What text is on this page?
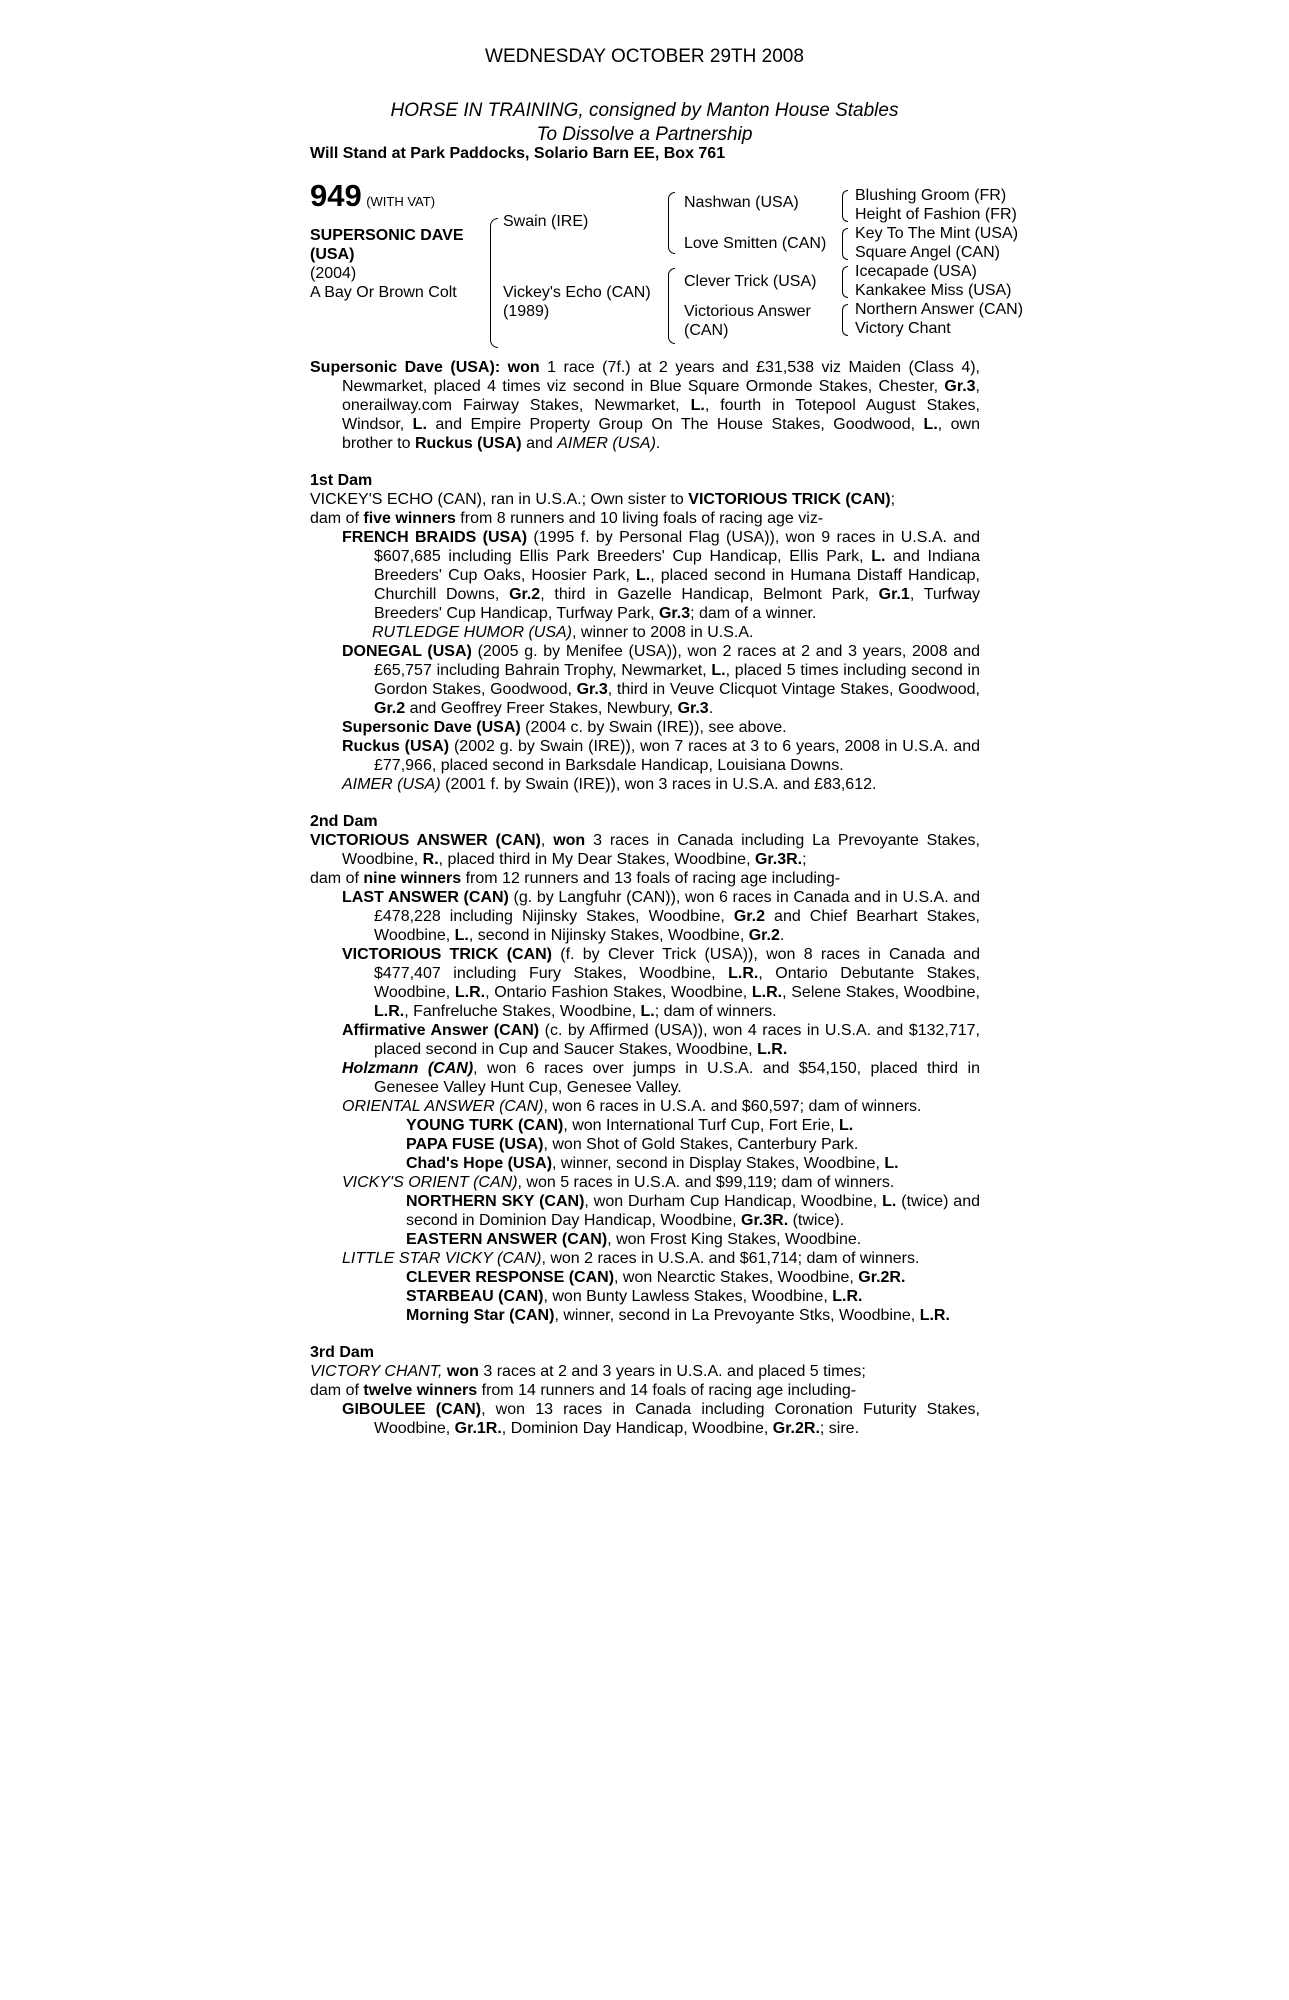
WEDNESDAY OCTOBER 29TH 2008
HORSE IN TRAINING, consigned by Manton House Stables
To Dissolve a Partnership
Will Stand at Park Paddocks, Solario Barn EE, Box 761
949 (WITH VAT)
SUPERSONIC DAVE
(USA)
(2004)
A Bay Or Brown Colt
Swain (IRE)
Vickey's Echo (CAN)
(1989)
Nashwan (USA)
Love Smitten (CAN)
Clever Trick (USA)
Victorious Answer
(CAN)
Blushing Groom (FR)
Height of Fashion (FR)
Key To The Mint (USA)
Square Angel (CAN)
Icecapade (USA)
Kankakee Miss (USA)
Northern Answer (CAN)
Victory Chant

Supersonic Dave (USA): won 1 race (7f.) at 2 years and £31,538 viz Maiden (Class 4), Newmarket, placed 4 times viz second in Blue Square Ormonde Stakes, Chester, Gr.3, onerailway.com Fairway Stakes, Newmarket, L., fourth in Totepool August Stakes, Windsor, L. and Empire Property Group On The House Stakes, Goodwood, L., own brother to Ruckus (USA) and AIMER (USA).

1st Dam

VICKEY'S ECHO (CAN), ran in U.S.A.; Own sister to VICTORIOUS TRICK (CAN);

dam of five winners from 8 runners and 10 living foals of racing age viz-

FRENCH BRAIDS (USA) (1995 f. by Personal Flag (USA)), won 9 races in U.S.A. and $607,685 including Ellis Park Breeders' Cup Handicap, Ellis Park, L. and Indiana Breeders' Cup Oaks, Hoosier Park, L., placed second in Humana Distaff Handicap, Churchill Downs, Gr.2, third in Gazelle Handicap, Belmont Park, Gr.1, Turfway Breeders' Cup Handicap, Turfway Park, Gr.3; dam of a winner.

RUTLEDGE HUMOR (USA), winner to 2008 in U.S.A.

DONEGAL (USA) (2005 g. by Menifee (USA)), won 2 races at 2 and 3 years, 2008 and £65,757 including Bahrain Trophy, Newmarket, L., placed 5 times including second in Gordon Stakes, Goodwood, Gr.3, third in Veuve Clicquot Vintage Stakes, Goodwood, Gr.2 and Geoffrey Freer Stakes, Newbury, Gr.3.

Supersonic Dave (USA) (2004 c. by Swain (IRE)), see above.

Ruckus (USA) (2002 g. by Swain (IRE)), won 7 races at 3 to 6 years, 2008 in U.S.A. and £77,966, placed second in Barksdale Handicap, Louisiana Downs.

AIMER (USA) (2001 f. by Swain (IRE)), won 3 races in U.S.A. and £83,612.

2nd Dam

VICTORIOUS ANSWER (CAN), won 3 races in Canada including La Prevoyante Stakes, Woodbine, R., placed third in My Dear Stakes, Woodbine, Gr.3R.;

dam of nine winners from 12 runners and 13 foals of racing age including-

LAST ANSWER (CAN) (g. by Langfuhr (CAN)), won 6 races in Canada and in U.S.A. and £478,228 including Nijinsky Stakes, Woodbine, Gr.2 and Chief Bearhart Stakes, Woodbine, L., second in Nijinsky Stakes, Woodbine, Gr.2.

VICTORIOUS TRICK (CAN) (f. by Clever Trick (USA)), won 8 races in Canada and $477,407 including Fury Stakes, Woodbine, L.R., Ontario Debutante Stakes, Woodbine, L.R., Ontario Fashion Stakes, Woodbine, L.R., Selene Stakes, Woodbine, L.R., Fanfreluche Stakes, Woodbine, L.; dam of winners.

Affirmative Answer (CAN) (c. by Affirmed (USA)), won 4 races in U.S.A. and $132,717, placed second in Cup and Saucer Stakes, Woodbine, L.R.

Holzmann (CAN), won 6 races over jumps in U.S.A. and $54,150, placed third in Genesee Valley Hunt Cup, Genesee Valley.

ORIENTAL ANSWER (CAN), won 6 races in U.S.A. and $60,597; dam of winners.

YOUNG TURK (CAN), won International Turf Cup, Fort Erie, L.

PAPA FUSE (USA), won Shot of Gold Stakes, Canterbury Park.

Chad's Hope (USA), winner, second in Display Stakes, Woodbine, L.

VICKY'S ORIENT (CAN), won 5 races in U.S.A. and $99,119; dam of winners.

NORTHERN SKY (CAN), won Durham Cup Handicap, Woodbine, L. (twice) and second in Dominion Day Handicap, Woodbine, Gr.3R. (twice).

EASTERN ANSWER (CAN), won Frost King Stakes, Woodbine.

LITTLE STAR VICKY (CAN), won 2 races in U.S.A. and $61,714; dam of winners.

CLEVER RESPONSE (CAN), won Nearctic Stakes, Woodbine, Gr.2R.

STARBEAU (CAN), won Bunty Lawless Stakes, Woodbine, L.R.

Morning Star (CAN), winner, second in La Prevoyante Stks, Woodbine, L.R.

3rd Dam

VICTORY CHANT, won 3 races at 2 and 3 years in U.S.A. and placed 5 times;

dam of twelve winners from 14 runners and 14 foals of racing age including-

GIBOULEE (CAN), won 13 races in Canada including Coronation Futurity Stakes, Woodbine, Gr.1R., Dominion Day Handicap, Woodbine, Gr.2R.; sire.
